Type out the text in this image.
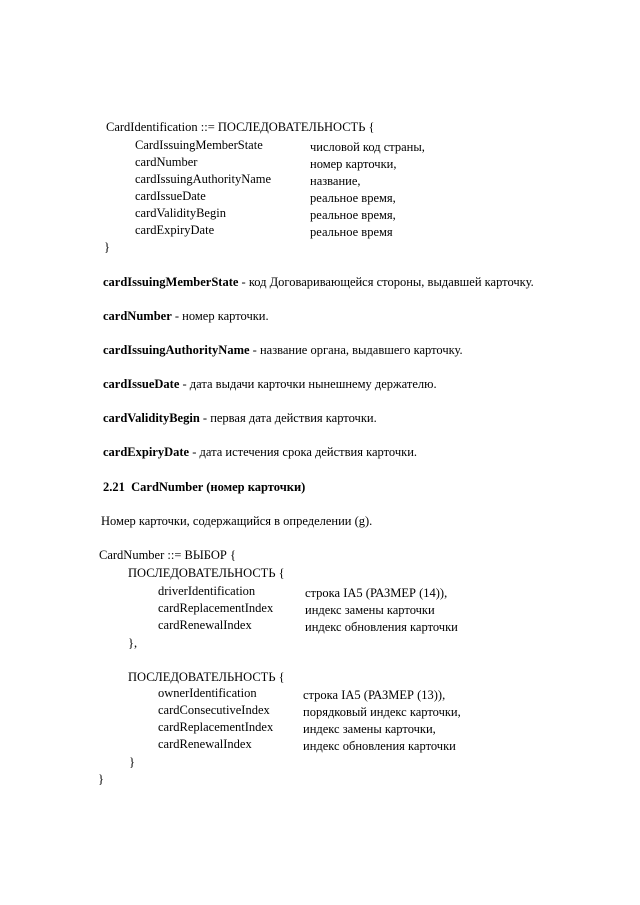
CardIdentification ::= ПОСЛЕДОВАТЕЛЬНОСТЬ {
CardIssuingMemberState	числовой код страны,
cardNumber	номер карточки,
cardIssuingAuthorityName	название,
cardIssueDate	реальное время,
cardValidityBegin	реальное время,
cardExpiryDate	реальное время
}
cardIssuingMemberState - код Договаривающейся стороны, выдавшей карточку.
cardNumber - номер карточки.
cardIssuingAuthorityName - название органа, выдавшего карточку.
cardIssueDate - дата выдачи карточки нынешнему держателю.
cardValidityBegin - первая дата действия карточки.
cardExpiryDate - дата истечения срока действия карточки.
2.21 CardNumber (номер карточки)
Номер карточки, содержащийся в определении (g).
CardNumber ::= ВЫБОР {
ПОСЛЕДОВАТЕЛЬНОСТЬ {
driverIdentification	строка IA5 (РАЗМЕР (14)),
cardReplacementIndex	индекс замены карточки
cardRenewalIndex	индекс обновления карточки
},
ПОСЛЕДОВАТЕЛЬНОСТЬ {
ownerIdentification	строка IA5 (РАЗМЕР (13)),
cardConsecutiveIndex	порядковый индекс карточки,
cardReplacementIndex индекс замены карточки,
cardRenewalIndex	индекс обновления карточки
}
}
